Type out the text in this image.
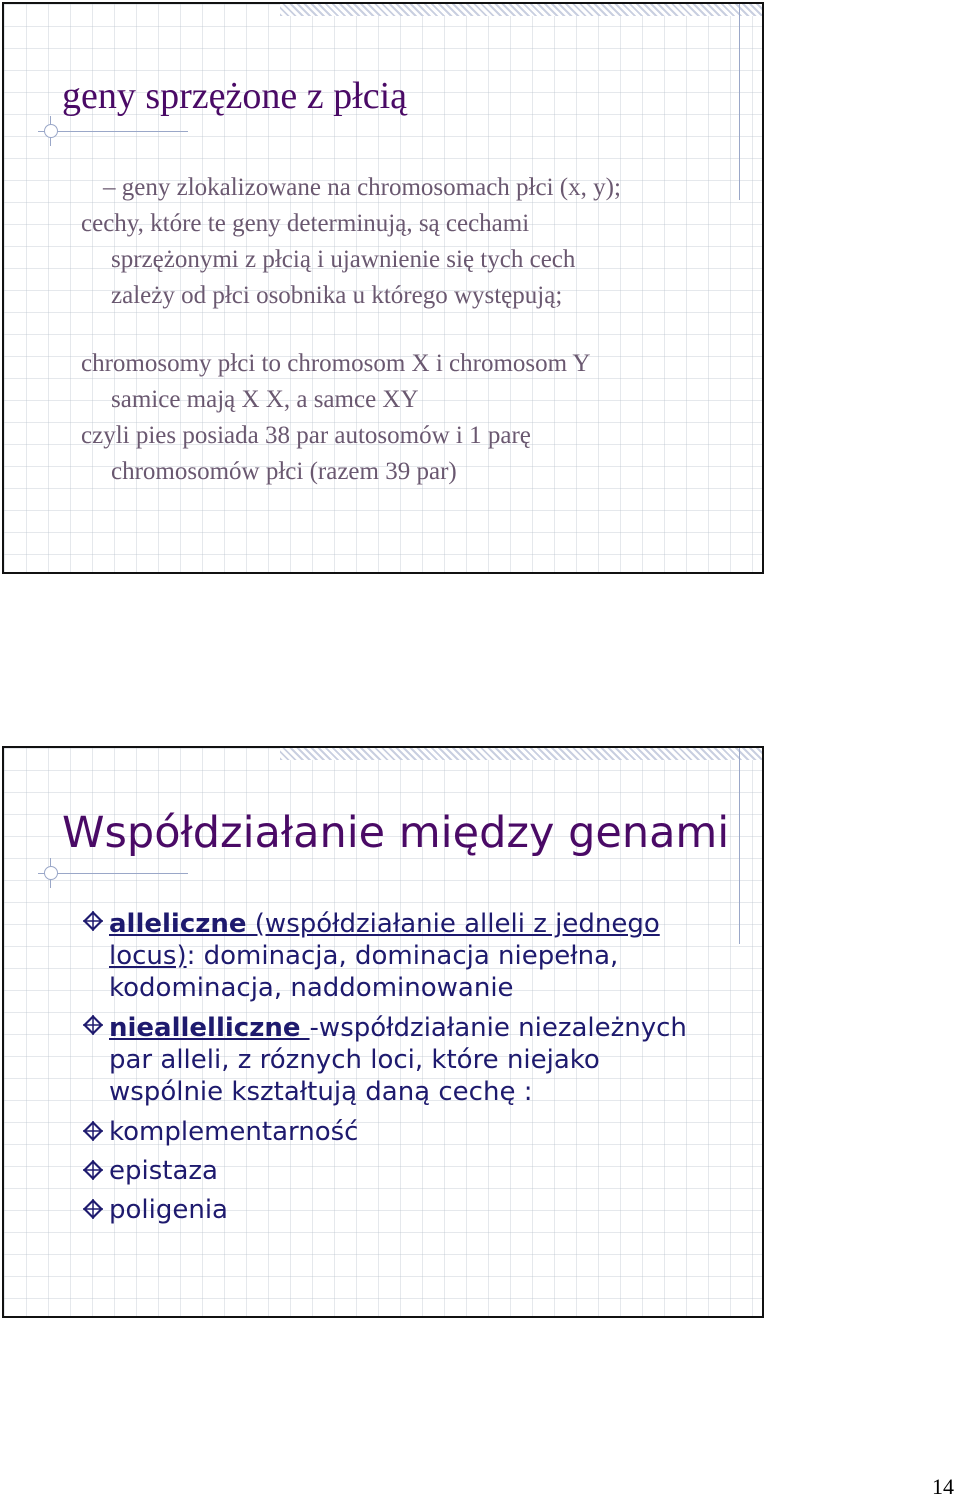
geny sprzężone z płcią
– geny zlokalizowane na chromosomach płci (x, y);
cechy, które te geny determinują, są cechami
sprzężonymi z płcią i ujawnienie się tych cech
zależy od płci osobnika u którego występują;
chromosomy płci to chromosom X i chromosom Y
samice mają X X, a samce XY
czyli pies posiada 38 par autosomów i 1 parę
chromosomów płci (razem 39 par)
Współdziałanie między genami
alleliczne (współdziałanie alleli z jednego
locus): dominacja, dominacja niepełna,
kodominacja, naddominowanie
nieallelliczne -współdziałanie niezależnych
par alleli, z róznych loci, które niejako
wspólnie kształtują daną cechę :
komplementarność
epistaza
poligenia
14
